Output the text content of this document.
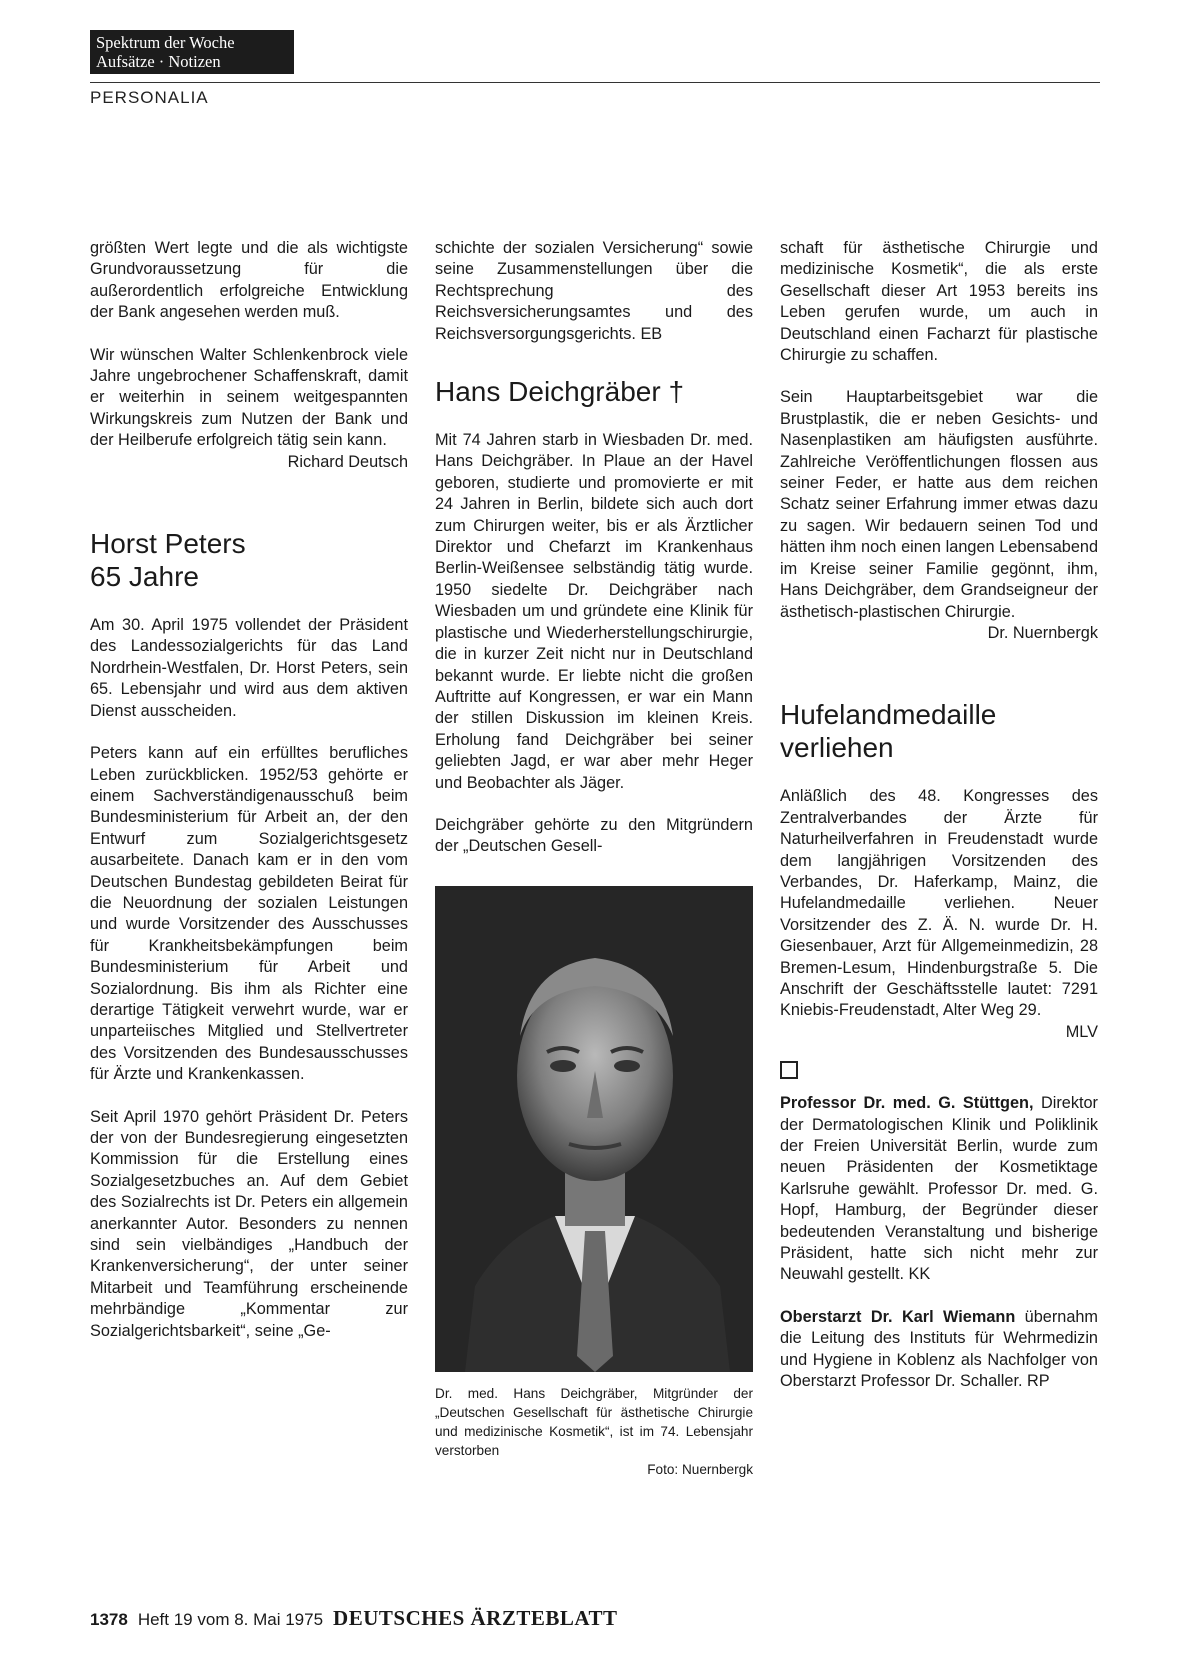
Spektrum der Woche
Aufsätze · Notizen
PERSONALIA

größten Wert legte und die als wichtigste Grundvoraussetzung für die außerordentlich erfolgreiche Entwicklung der Bank angesehen werden muß.

Wir wünschen Walter Schlenkenbrock viele Jahre ungebrochener Schaffenskraft, damit er weiterhin in seinem weitgespannten Wirkungskreis zum Nutzen der Bank und der Heilberufe erfolgreich tätig sein kann.
Richard Deutsch

Horst Peters
65 Jahre

Am 30. April 1975 vollendet der Präsident des Landessozialgerichts für das Land Nordrhein-Westfalen, Dr. Horst Peters, sein 65. Lebensjahr und wird aus dem aktiven Dienst ausscheiden.

Peters kann auf ein erfülltes berufliches Leben zurückblicken. 1952/53 gehörte er einem Sachverständigenausschuß beim Bundesministerium für Arbeit an, der den Entwurf zum Sozialgerichtsgesetz ausarbeitete. Danach kam er in den vom Deutschen Bundestag gebildeten Beirat für die Neuordnung der sozialen Leistungen und wurde Vorsitzender des Ausschusses für Krankheitsbekämpfungen beim Bundesministerium für Arbeit und Sozialordnung. Bis ihm als Richter eine derartige Tätigkeit verwehrt wurde, war er unparteiisches Mitglied und Stellvertreter des Vorsitzenden des Bundesausschusses für Ärzte und Krankenkassen.

Seit April 1970 gehört Präsident Dr. Peters der von der Bundesregierung eingesetzten Kommission für die Erstellung eines Sozialgesetzbuches an. Auf dem Gebiet des Sozialrechts ist Dr. Peters ein allgemein anerkannter Autor. Besonders zu nennen sind sein vielbändiges „Handbuch der Krankenversicherung“, der unter seiner Mitarbeit und Teamführung erscheinende mehrbändige „Kommentar zur Sozialgerichtsbarkeit“, seine „Ge-

schichte der sozialen Versicherung“ sowie seine Zusammenstellungen über die Rechtsprechung des Reichsversicherungsamtes und des Reichsversorgungsgerichts. EB

Hans Deichgräber †

Mit 74 Jahren starb in Wiesbaden Dr. med. Hans Deichgräber. In Plaue an der Havel geboren, studierte und promovierte er mit 24 Jahren in Berlin, bildete sich auch dort zum Chirurgen weiter, bis er als Ärztlicher Direktor und Chefarzt im Krankenhaus Berlin-Weißensee selbständig tätig wurde. 1950 siedelte Dr. Deichgräber nach Wiesbaden um und gründete eine Klinik für plastische und Wiederherstellungschirurgie, die in kurzer Zeit nicht nur in Deutschland bekannt wurde. Er liebte nicht die großen Auftritte auf Kongressen, er war ein Mann der stillen Diskussion im kleinen Kreis. Erholung fand Deichgräber bei seiner geliebten Jagd, er war aber mehr Heger und Beobachter als Jäger.

Deichgräber gehörte zu den Mitgründern der „Deutschen Gesell-

Dr. med. Hans Deichgräber, Mitgründer der „Deutschen Gesellschaft für ästhetische Chirurgie und medizinische Kosmetik“, ist im 74. Lebensjahr verstorben
Foto: Nuernbergk

schaft für ästhetische Chirurgie und medizinische Kosmetik“, die als erste Gesellschaft dieser Art 1953 bereits ins Leben gerufen wurde, um auch in Deutschland einen Facharzt für plastische Chirurgie zu schaffen.

Sein Hauptarbeitsgebiet war die Brustplastik, die er neben Gesichts- und Nasenplastiken am häufigsten ausführte. Zahlreiche Veröffentlichungen flossen aus seiner Feder, er hatte aus dem reichen Schatz seiner Erfahrung immer etwas dazu zu sagen. Wir bedauern seinen Tod und hätten ihm noch einen langen Lebensabend im Kreise seiner Familie gegönnt, ihm, Hans Deichgräber, dem Grandseigneur der ästhetisch-plastischen Chirurgie.
Dr. Nuernbergk

Hufelandmedaille
verliehen

Anläßlich des 48. Kongresses des Zentralverbandes der Ärzte für Naturheilverfahren in Freudenstadt wurde dem langjährigen Vorsitzenden des Verbandes, Dr. Haferkamp, Mainz, die Hufelandmedaille verliehen. Neuer Vorsitzender des Z. Ä. N. wurde Dr. H. Giesenbauer, Arzt für Allgemeinmedizin, 28 Bremen-Lesum, Hindenburgstraße 5. Die Anschrift der Geschäftsstelle lautet: 7291 Kniebis-Freudenstadt, Alter Weg 29.
MLV

Professor Dr. med. G. Stüttgen, Direktor der Dermatologischen Klinik und Poliklinik der Freien Universität Berlin, wurde zum neuen Präsidenten der Kosmetiktage Karlsruhe gewählt. Professor Dr. med. G. Hopf, Hamburg, der Begründer dieser bedeutenden Veranstaltung und bisherige Präsident, hatte sich nicht mehr zur Neuwahl gestellt. KK

Oberstarzt Dr. Karl Wiemann übernahm die Leitung des Instituts für Wehrmedizin und Hygiene in Koblenz als Nachfolger von Oberstarzt Professor Dr. Schaller. RP

1378 Heft 19 vom 8. Mai 1975 DEUTSCHES ÄRZTEBLATT
